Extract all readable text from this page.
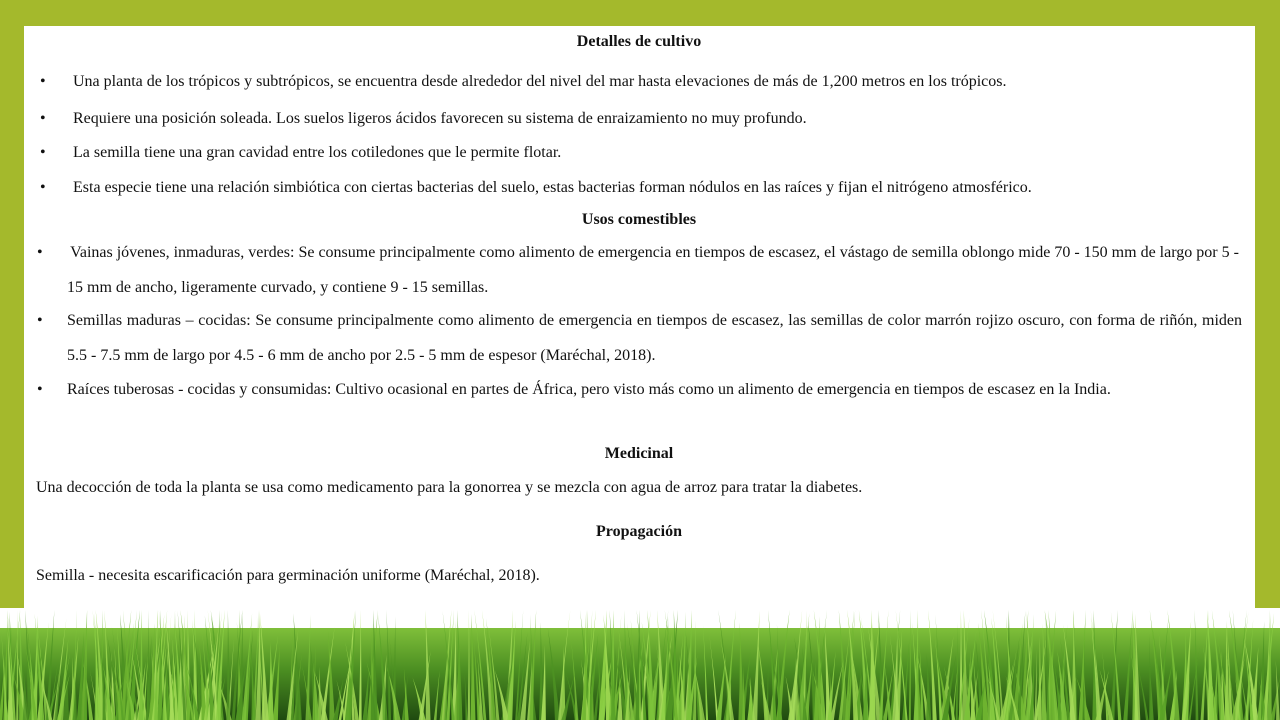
Detalles de cultivo
• Una planta de los trópicos y subtrópicos, se encuentra desde alrededor del nivel del mar hasta elevaciones de más de 1,200 metros en los trópicos.
• Requiere una posición soleada. Los suelos ligeros ácidos favorecen su sistema de enraizamiento no muy profundo.
• La semilla tiene una gran cavidad entre los cotiledones que le permite flotar.
• Esta especie tiene una relación simbiótica con ciertas bacterias del suelo, estas bacterias forman nódulos en las raíces y fijan el nitrógeno atmosférico.
Usos comestibles
• Vainas jóvenes, inmaduras, verdes: Se consume principalmente como alimento de emergencia en tiempos de escasez, el vástago de semilla oblongo mide 70 - 150 mm de largo por 5 - 15 mm de ancho, ligeramente curvado, y contiene 9 - 15 semillas.
• Semillas maduras – cocidas: Se consume principalmente como alimento de emergencia en tiempos de escasez, las semillas de color marrón rojizo oscuro, con forma de riñón, miden 5.5 - 7.5 mm de largo por 4.5 - 6 mm de ancho por 2.5 - 5 mm de espesor (Maréchal, 2018).
• Raíces tuberosas - cocidas y consumidas: Cultivo ocasional en partes de África, pero visto más como un alimento de emergencia en tiempos de escasez en la India.
Medicinal
Una decocción de toda la planta se usa como medicamento para la gonorrea y se mezcla con agua de arroz para tratar la diabetes.
Propagación
Semilla - necesita escarificación para germinación uniforme (Maréchal, 2018).
